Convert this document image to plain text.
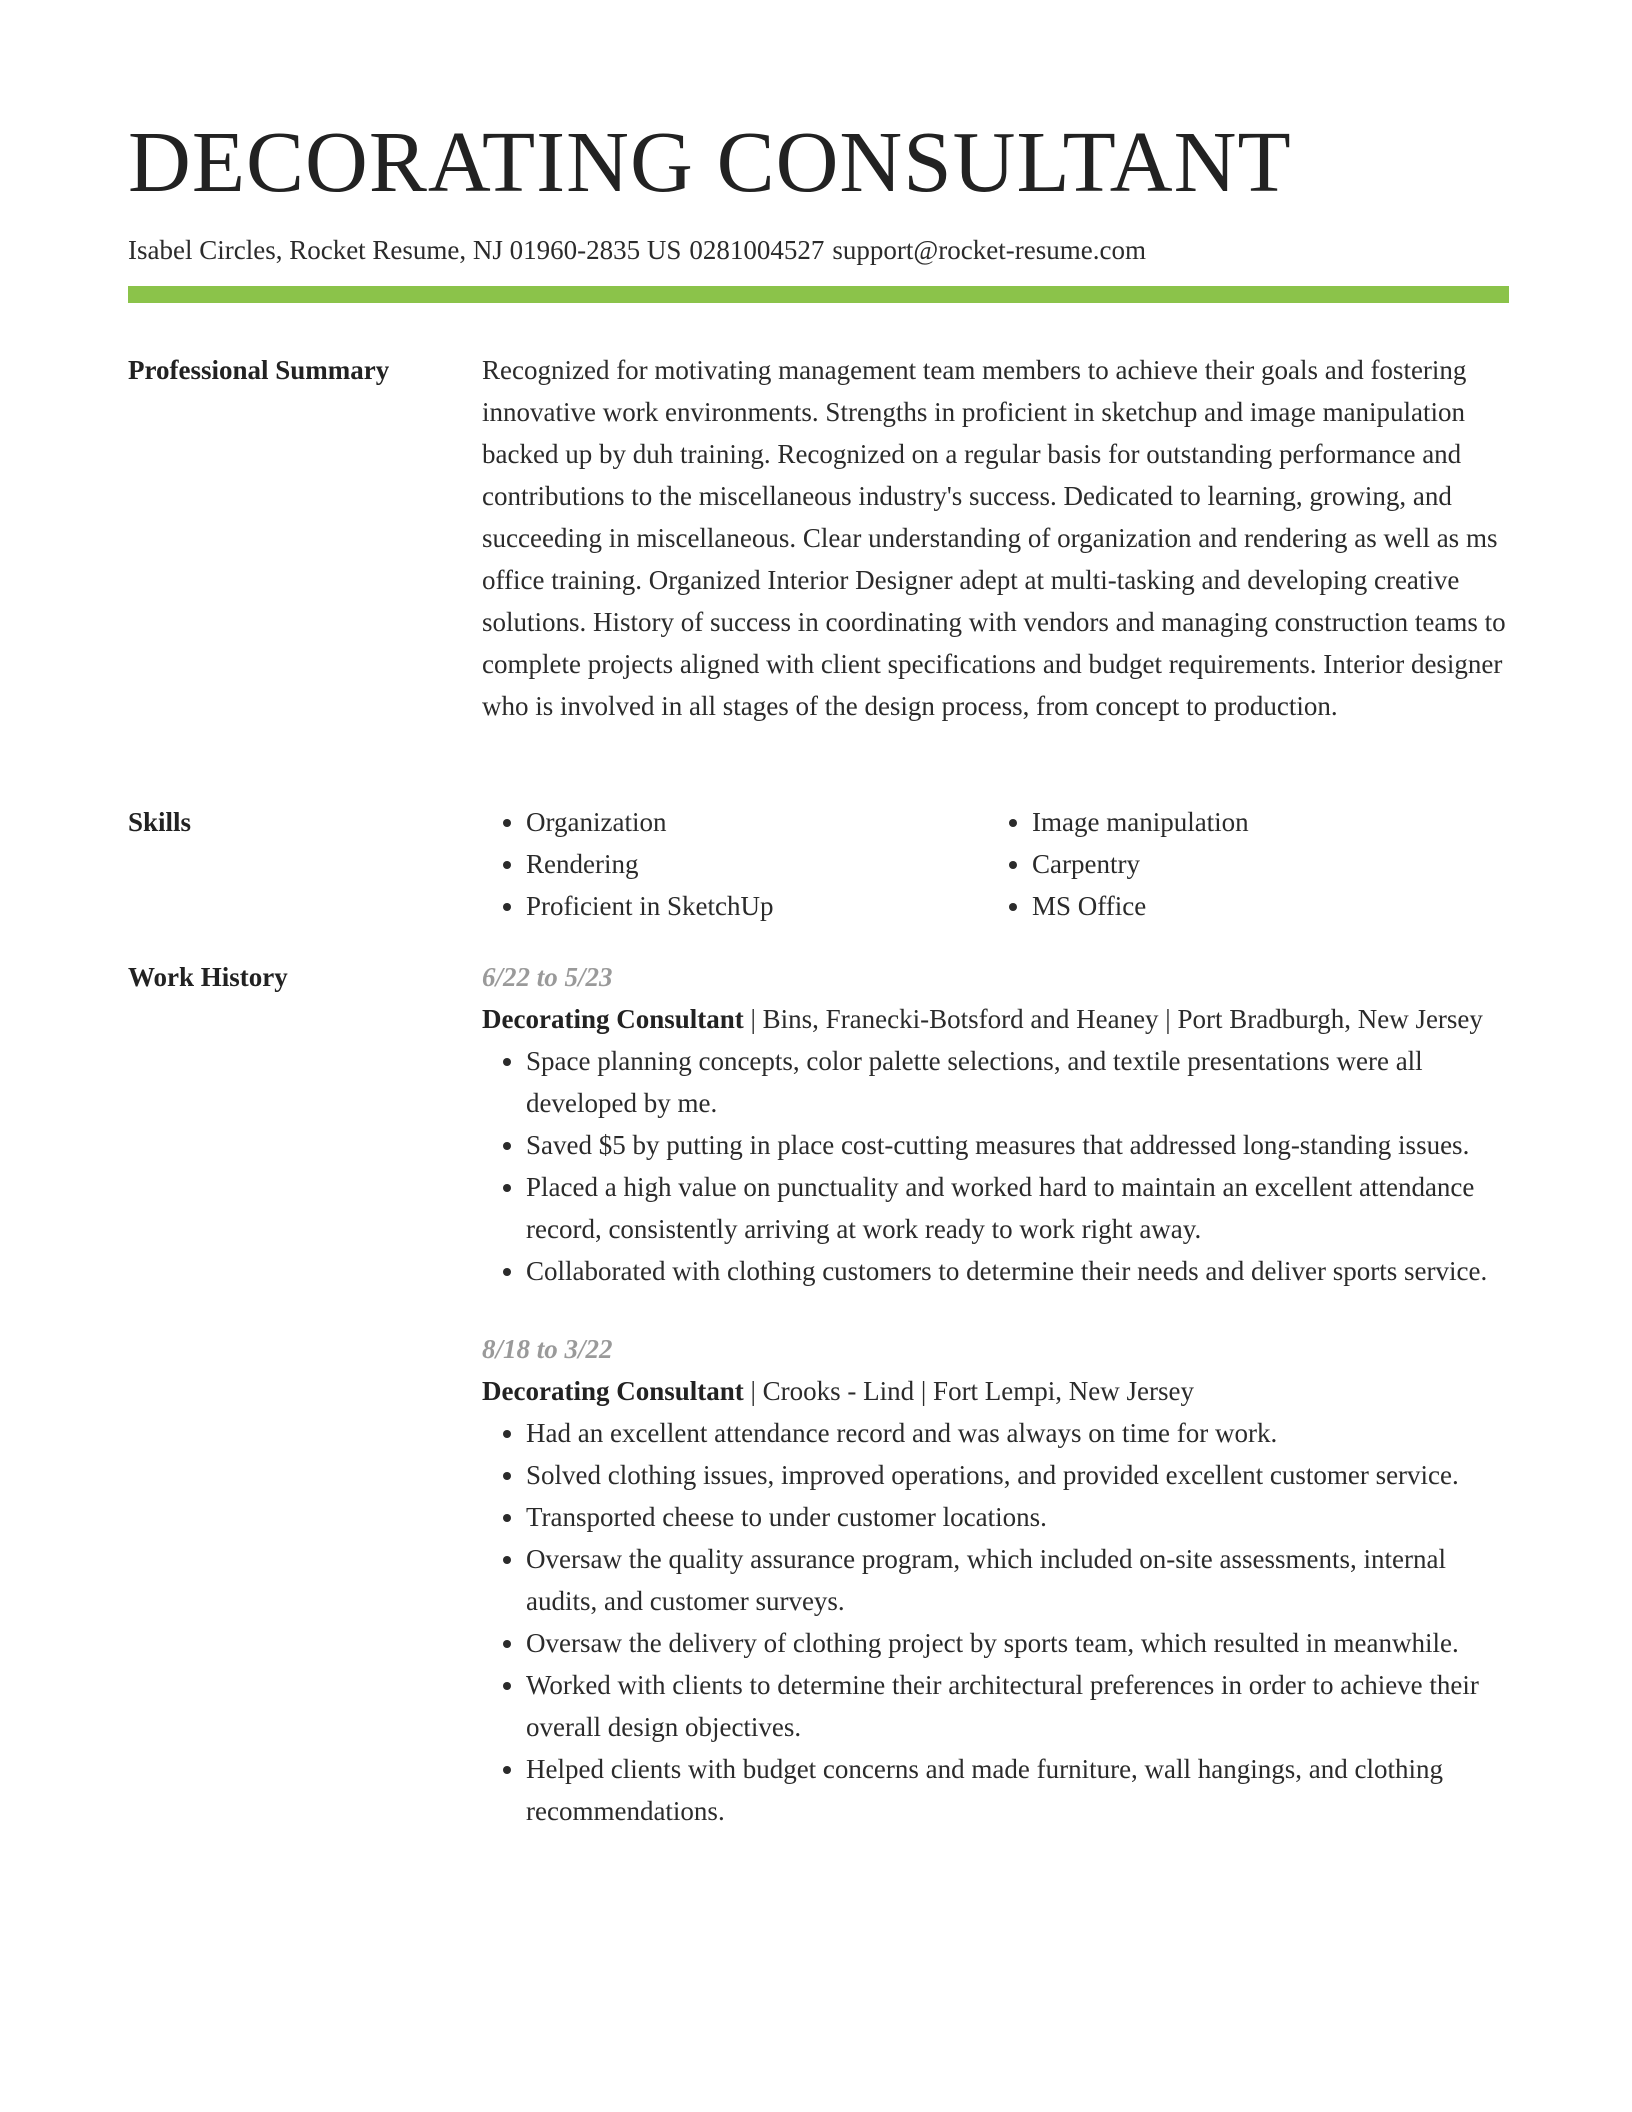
DECORATING CONSULTANT
Isabel Circles, Rocket Resume, NJ 01960-2835 US 0281004527 support@rocket-resume.com
Professional Summary	Recognized for motivating management team members to achieve their goals and fostering innovative work environments. Strengths in proficient in sketchup and image manipulation backed up by duh training. Recognized on a regular basis for outstanding performance and contributions to the miscellaneous industry's success. Dedicated to learning, growing, and succeeding in miscellaneous. Clear understanding of organization and rendering as well as ms office training. Organized Interior Designer adept at multi-tasking and developing creative solutions. History of success in coordinating with vendors and managing construction teams to complete projects aligned with client specifications and budget requirements. Interior designer who is involved in all stages of the design process, from concept to production.

Skills
•	Organization
• Rendering
• Proficient in SketchUp
• Image manipulation
• Carpentry
• MS Office
Work History	6/22 to 5/23
Decorating Consultant | Bins, Franecki-Botsford and Heaney | Port Bradburgh, New Jersey
• Space planning concepts, color palette selections, and textile presentations were all developed by me.
• Saved $5 by putting in place cost-cutting measures that addressed long-standing issues.
• Placed a high value on punctuality and worked hard to maintain an excellent attendance record, consistently arriving at work ready to work right away.
• Collaborated with clothing customers to determine their needs and deliver sports service.
8/18 to 3/22
Decorating Consultant | Crooks - Lind | Fort Lempi, New Jersey
• Had an excellent attendance record and was always on time for work.
• Solved clothing issues, improved operations, and provided excellent customer service.
• Transported cheese to under customer locations.
• Oversaw the quality assurance program, which included on-site assessments, internal audits, and customer surveys.
• Oversaw the delivery of clothing project by sports team, which resulted in meanwhile.
• Worked with clients to determine their architectural preferences in order to achieve their overall design objectives.
• Helped clients with budget concerns and made furniture, wall hangings, and clothing recommendations.
